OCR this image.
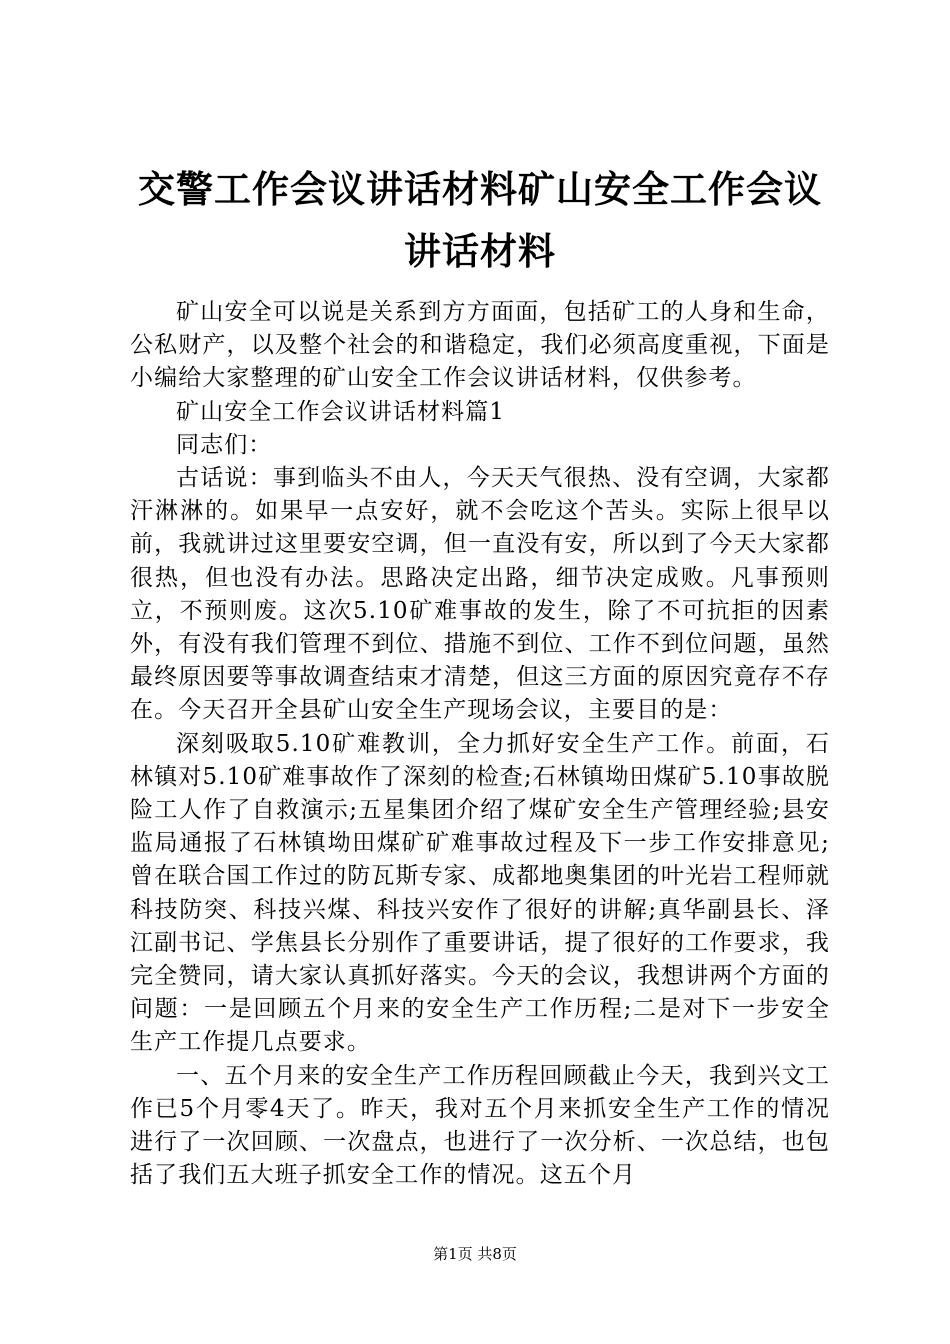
交警工作会议讲话材料矿山安全工作会议讲话材料

矿山安全可以说是关系到方方面面，包括矿工的人身和生命，公私财产，以及整个社会的和谐稳定，我们必须高度重视，下面是小编给大家整理的矿山安全工作会议讲话材料，仅供参考。

矿山安全工作会议讲话材料篇1

同志们：

古话说：事到临头不由人，今天天气很热、没有空调，大家都汗淋淋的。如果早一点安好，就不会吃这个苦头。实际上很早以前，我就讲过这里要安空调，但一直没有安，所以到了今天大家都很热，但也没有办法。思路决定出路，细节决定成败。凡事预则立，不预则废。这次5.10矿难事故的发生，除了不可抗拒的因素外，有没有我们管理不到位、措施不到位、工作不到位问题，虽然最终原因要等事故调查结束才清楚，但这三方面的原因究竟存不存在。今天召开全县矿山安全生产现场会议，主要目的是：

深刻吸取5.10矿难教训，全力抓好安全生产工作。前面，石林镇对5.10矿难事故作了深刻的检查;石林镇坳田煤矿5.10事故脱险工人作了自救演示;五星集团介绍了煤矿安全生产管理经验;县安监局通报了石林镇坳田煤矿矿难事故过程及下一步工作安排意见;曾在联合国工作过的防瓦斯专家、成都地奥集团的叶光岩工程师就科技防突、科技兴煤、科技兴安作了很好的讲解;真华副县长、泽江副书记、学焦县长分别作了重要讲话，提了很好的工作要求，我完全赞同，请大家认真抓好落实。今天的会议，我想讲两个方面的问题：一是回顾五个月来的安全生产工作历程;二是对下一步安全生产工作提几点要求。

一、五个月来的安全生产工作历程回顾截止今天，我到兴文工作已5个月零4天了。昨天，我对五个月来抓安全生产工作的情况进行了一次回顾、一次盘点，也进行了一次分析、一次总结，也包括了我们五大班子抓安全工作的情况。这五个月

第1页 共8页
